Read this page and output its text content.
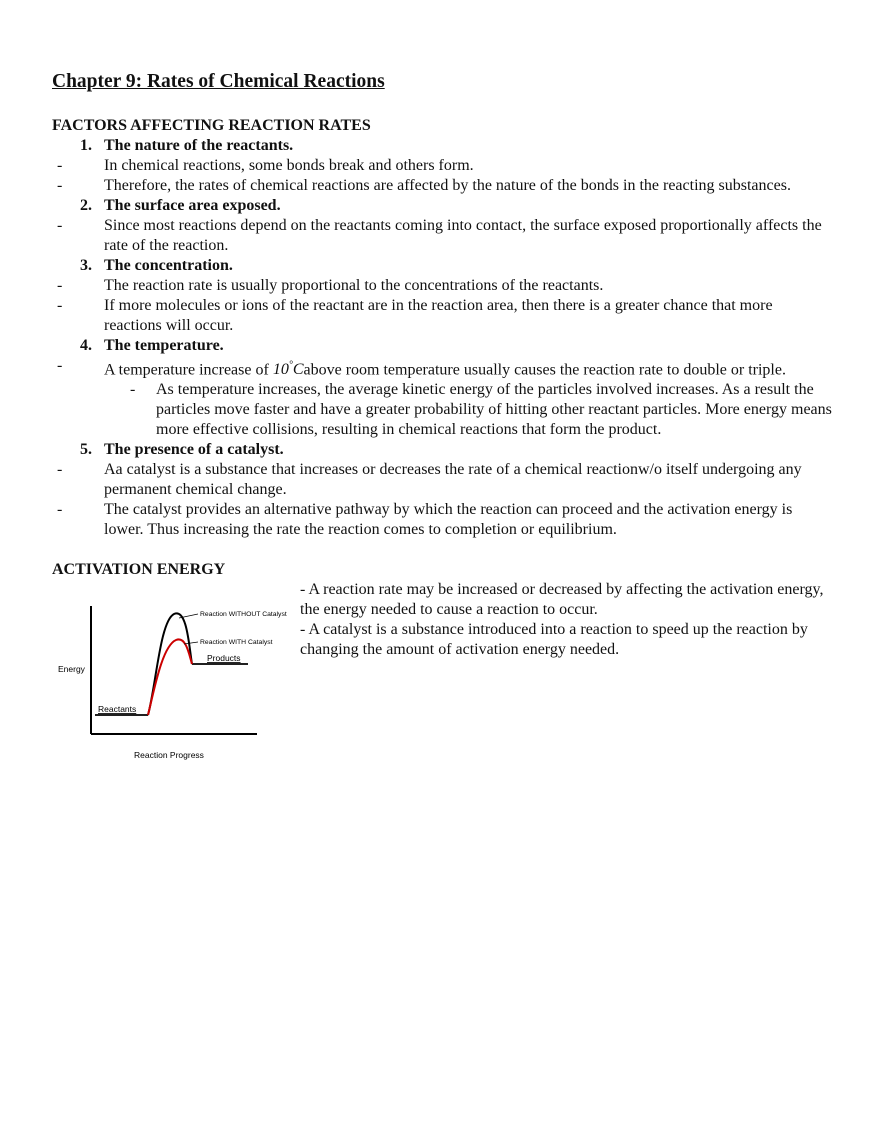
Chapter 9: Rates of Chemical Reactions

FACTORS AFFECTING REACTION RATES

1. The nature of the reactants.

-	In chemical reactions, some bonds break and others form.

-	Therefore, the rates of chemical reactions are affected by the nature of the bonds in the reacting substances.

2. The surface area exposed.

-	Since most reactions depend on the reactants coming into contact, the surface exposed proportionally affects the rate of the reaction.

3. The concentration.

-	The reaction rate is usually proportional to the concentrations of the reactants.

-	If more molecules or ions of the reactant are in the reaction area, then there is a greater chance that more reactions will occur.

4. The temperature.

-	A temperature increase of 10°Cabove room temperature usually causes the reaction rate to double or triple.

- As temperature increases, the average kinetic energy of the particles involved increases. As a result the particles move faster and have a greater probability of hitting other reactant particles. More energy means more effective collisions, resulting in chemical reactions that form the product.

5. The presence of a catalyst.

-	Aa catalyst is a substance that increases or decreases the rate of a chemical reactionw/o itself undergoing any permanent chemical change.

-	The catalyst provides an alternative pathway by which the reaction can proceed and the activation energy is lower. Thus increasing the rate the reaction comes to completion or equilibrium.

ACTIVATION ENERGY

Reaction WITHOUT Catalyst
Reaction WITH Catalyst
Products
Reactants
Energy
Reaction Progress

- A reaction rate may be increased or decreased by affecting the activation energy, the energy needed to cause a reaction to occur.

- A catalyst is a substance introduced into a reaction to speed up the reaction by changing the amount of activation energy needed.
